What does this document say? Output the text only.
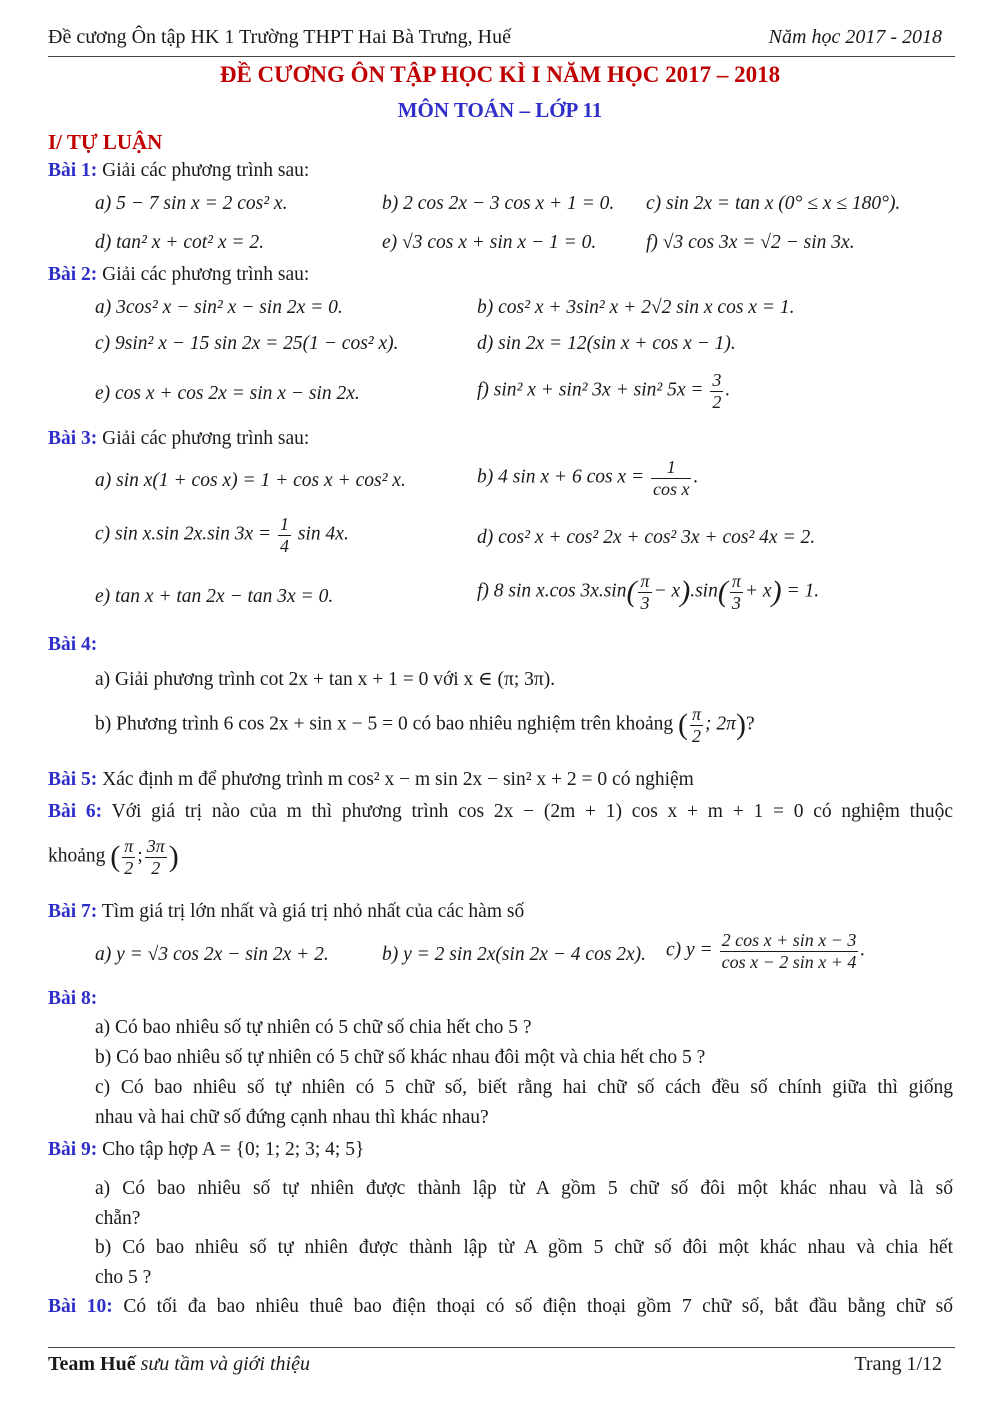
Đề cương Ôn tập HK 1 Trường THPT Hai Bà Trưng, Huế	Năm học 2017 - 2018
ĐỀ CƯƠNG ÔN TẬP HỌC KÌ I NĂM HỌC 2017 – 2018
MÔN TOÁN – LỚP 11
I/ TỰ LUẬN
Bài 1: Giải các phương trình sau:
a) 5 − 7 sin x = 2 cos² x.	b) 2 cos 2x − 3 cos x + 1 = 0. c) sin 2x = tan x (0° ≤ x ≤ 180°).
d) tan² x + cot² x = 2.	e) √3 cos x + sin x − 1 = 0.	f) √3 cos 3x = √2 − sin 3x.
Bài 2: Giải các phương trình sau:
a) 3cos² x − sin² x − sin 2x = 0.	b) cos² x + 3sin² x + 2√2 sin x cos x = 1.
c) 9sin² x − 15 sin 2x = 25(1 − cos² x).	d) sin 2x = 12(sin x + cos x − 1).
e) cos x + cos 2x = sin x − sin 2x.	f) sin² x + sin² 3x + sin² $5x = \frac{3}{2}$ .
Bài 3: Giải các phương trình sau:
a) sin x(1 + cos x) = 1 + cos x + cos² x.	b) 4 sin x + 6 $\cos x = \frac{1}{\text{cos x}}$ .
c) sin x.sin 2x.sin $3x = \frac{1}{4}$ sin 4x.	d) cos² x + cos² 2x + cos² 3x + cos² 4x = 2.
e) tan x + tan 2x − tan 3x = 0.	f) 8 sin x.cos $3x.\sin( \frac{\pi}{3} - x).\sin( \frac{\pi}{3} + x) = 1$.
Bài 4:
a) Giải phương trình cot 2x + tan x + 1 = 0 với x ∈ (π; 3π).
b) Phương trình 6 cos 2x + sin x − 5 = 0 có bao nhiêu nghiệm trên khoảng ( $\frac{\pi}{2}$ ; 2π)?
Bài 5: Xác định m để phương trình m cos² x − m sin 2x − sin² x + 2 = 0 có nghiệm
Bài 6: Với giá trị nào của m thì phương trình cos 2x − (2m + 1) cos x + m + 1 = 0 có nghiệm thuộc
khoảng ( $\frac{\pi}{2}$ ; $\frac{3\pi}{2}$ )
Bài 7: Tìm giá trị lớn nhất và giá trị nhỏ nhất của các hàm số
a) y = √3 cos 2x − sin 2x + 2.	b) y = 2 sin 2x(sin 2x − 4 cos 2x). c) $y = \frac{\text{2 cos x + sin x − 3}}{\text{cos x − 2 sin x + 4}}$ .
Bài 8:
a) Có bao nhiêu số tự nhiên có 5 chữ số chia hết cho 5 ?
b) Có bao nhiêu số tự nhiên có 5 chữ số khác nhau đôi một và chia hết cho 5 ?
c) Có bao nhiêu số tự nhiên có 5 chữ số, biết rằng hai chữ số cách đều số chính giữa thì giống
nhau và hai chữ số đứng cạnh nhau thì khác nhau?
Bài 9: Cho tập hợp A = {0; 1; 2; 3; 4; 5}
a) Có bao nhiêu số tự nhiên được thành lập từ A gồm 5 chữ số đôi một khác nhau và là số
chẵn?
b) Có bao nhiêu số tự nhiên được thành lập từ A gồm 5 chữ số đôi một khác nhau và chia hết
cho 5 ?
Bài 10: Có tối đa bao nhiêu thuê bao điện thoại có số điện thoại gồm 7 chữ số, bắt đầu bằng chữ số
Team Huế sưu tầm và giới thiệu	Trang 1/12
